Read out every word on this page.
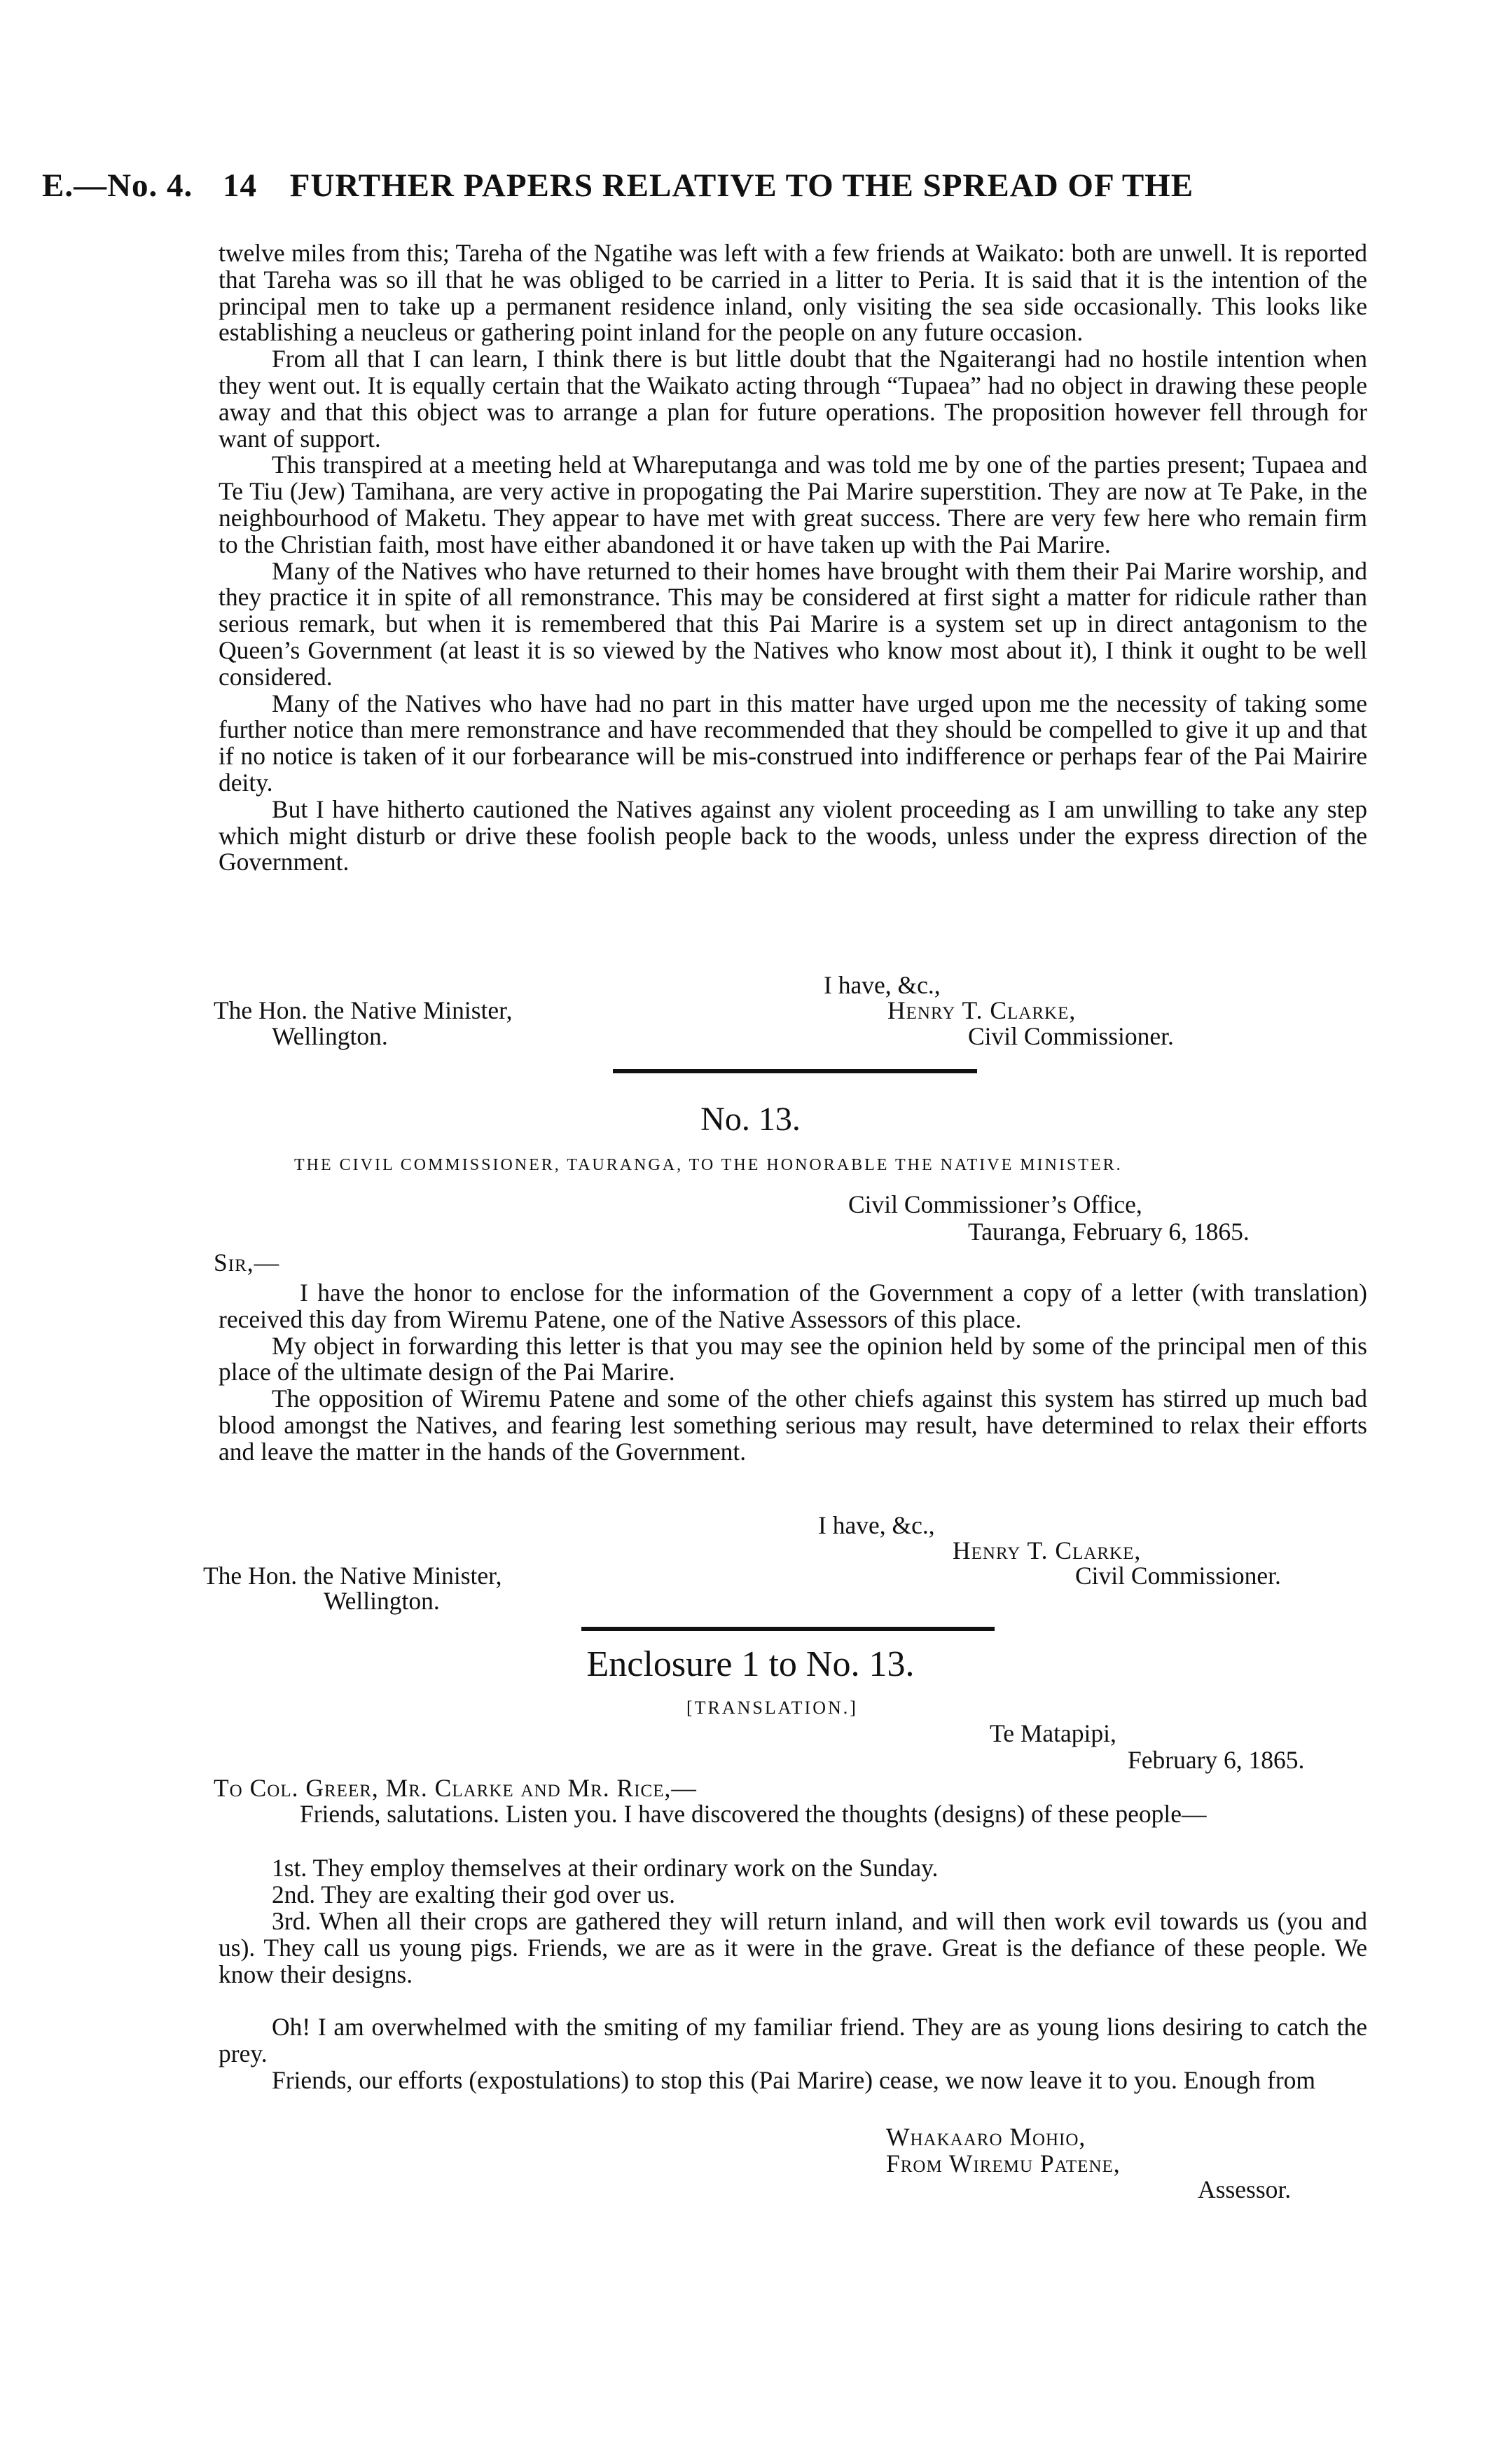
E.—No. 4. 14 FURTHER PAPERS RELATIVE TO THE SPREAD OF THE

twelve miles from this; Tareha of the Ngatihe was left with a few friends at Waikato: both are unwell. It is reported that Tareha was so ill that he was obliged to be carried in a litter to Peria. It is said that it is the intention of the principal men to take up a permanent residence inland, only visiting the sea side occasionally. This looks like establishing a neucleus or gathering point inland for the people on any future occasion.

From all that I can learn, I think there is but little doubt that the Ngaiterangi had no hostile intention when they went out. It is equally certain that the Waikato acting through “Tupaea” had no object in drawing these people away and that this object was to arrange a plan for future operations. The proposition however fell through for want of support.

This transpired at a meeting held at Whareputanga and was told me by one of the parties present; Tupaea and Te Tiu (Jew) Tamihana, are very active in propogating the Pai Marire superstition. They are now at Te Pake, in the neighbourhood of Maketu. They appear to have met with great success. There are very few here who remain firm to the Christian faith, most have either abandoned it or have taken up with the Pai Marire.

Many of the Natives who have returned to their homes have brought with them their Pai Marire worship, and they practice it in spite of all remonstrance. This may be considered at first sight a matter for ridicule rather than serious remark, but when it is remembered that this Pai Marire is a system set up in direct antagonism to the Queen’s Government (at least it is so viewed by the Natives who know most about it), I think it ought to be well considered.

Many of the Natives who have had no part in this matter have urged upon me the necessity of taking some further notice than mere remonstrance and have recommended that they should be compelled to give it up and that if no notice is taken of it our forbearance will be mis-construed into indifference or perhaps fear of the Pai Mairire deity.

But I have hitherto cautioned the Natives against any violent proceeding as I am unwilling to take any step which might disturb or drive these foolish people back to the woods, unless under the express direction of the Government.

I have, &c.,
The Hon. the Native Minister,
Wellington.
Henry T. Clarke,
Civil Commissioner.
No. 13.
THE CIVIL COMMISSIONER, TAURANGA, TO THE HONORABLE THE NATIVE MINISTER.
Civil Commissioner’s Office,
Tauranga, February 6, 1865.
Sir,—

I have the honor to enclose for the information of the Government a copy of a letter (with translation) received this day from Wiremu Patene, one of the Native Assessors of this place.

My object in forwarding this letter is that you may see the opinion held by some of the principal men of this place of the ultimate design of the Pai Marire.

The opposition of Wiremu Patene and some of the other chiefs against this system has stirred up much bad blood amongst the Natives, and fearing lest something serious may result, have determined to relax their efforts and leave the matter in the hands of the Government.

I have, &c.,
Henry T. Clarke,
The Hon. the Native Minister,	Civil Commissioner.
Wellington.
Enclosure 1 to No. 13.
[TRANSLATION.]
Te Matapipi,
February 6, 1865.
To Col. Greer, Mr. Clarke and Mr. Rice,—

Friends, salutations. Listen you. I have discovered the thoughts (designs) of these people—

1st. They employ themselves at their ordinary work on the Sunday.
2nd. They are exalting their god over us.
3rd. When all their crops are gathered they will return inland, and will then work evil towards us (you and us). They call us young pigs. Friends, we are as it were in the grave. Great is the defiance of these people. We know their designs.

Oh! I am overwhelmed with the smiting of my familiar friend. They are as young lions desiring to catch the prey.

Friends, our efforts (expostulations) to stop this (Pai Marire) cease, we now leave it to you. Enough from

Whakaaro Mohio,
From Wiremu Patene,
Assessor.
